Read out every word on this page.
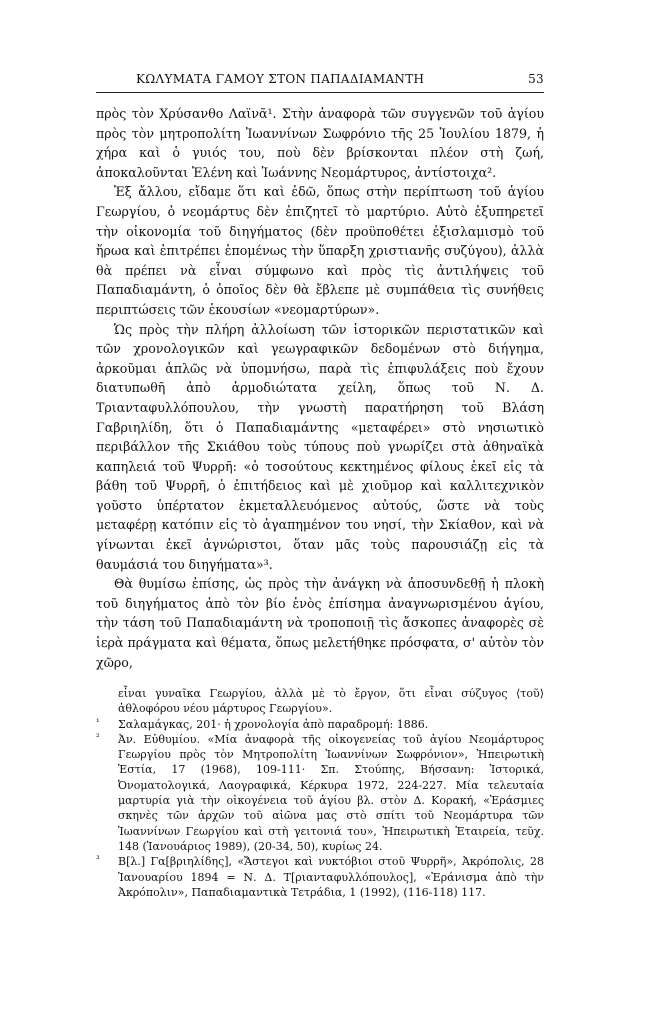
ΚΩΛΥΜΑΤΑ ΓΑΜΟΥ ΣΤΟΝ ΠΑΠΑΔΙΑΜΑΝΤΗ	53

πρὸς τὸν Χρύσανθο Λαϊνᾶ¹. Στὴν ἀναφορὰ τῶν συγγενῶν τοῦ ἁγίου πρὸς τὸν μητροπολίτη Ἰωαννίνων Σωφρόνιο τῆς 25 Ἰουλίου 1879, ἡ χήρα καὶ ὁ γυιός του, ποὺ δὲν βρίσκονται πλέον στὴ ζωή, ἀποκαλοῦνται Ἑλένη καὶ Ἰωάννης Νεομάρτυρος, ἀντίστοιχα².

Ἐξ ἄλλου, εἴδαμε ὅτι καὶ ἐδῶ, ὅπως στὴν περίπτωση τοῦ ἁγίου Γεωργίου, ὁ νεομάρτυς δὲν ἐπιζητεῖ τὸ μαρτύριο. Αὐτὸ ἐξυπηρετεῖ τὴν οἰκονομία τοῦ διηγήματος (δὲν προϋποθέτει ἐξισλαμισμὸ τοῦ ἥρωα καὶ ἐπιτρέπει ἑπομένως τὴν ὕπαρξη χριστιανῆς συζύγου), ἀλλὰ θὰ πρέπει νὰ εἶναι σύμφωνο καὶ πρὸς τὶς ἀντιλήψεις τοῦ Παπαδιαμάντη, ὁ ὁποῖος δὲν θὰ ἔβλεπε μὲ συμπάθεια τὶς συνήθεις περιπτώσεις τῶν ἑκουσίων «νεομαρτύρων».

Ὡς πρὸς τὴν πλήρη ἀλλοίωση τῶν ἱστορικῶν περιστατικῶν καὶ τῶν χρονολογικῶν καὶ γεωγραφικῶν δεδομένων στὸ διήγημα, ἀρκοῦμαι ἁπλῶς νὰ ὑπομνήσω, παρὰ τὶς ἐπιφυλάξεις ποὺ ἔχουν διατυπωθῆ ἀπὸ ἁρμοδιώτατα χείλη, ὅπως τοῦ Ν. Δ. Τριανταφυλλόπουλου, τὴν γνωστὴ παρατήρηση τοῦ Βλάση Γαβριηλίδη, ὅτι ὁ Παπαδιαμάντης «μεταφέρει» στὸ νησιωτικὸ περιβάλλον τῆς Σκιάθου τοὺς τύπους ποὺ γνωρίζει στὰ ἀθηναϊκὰ καπηλειά τοῦ Ψυρρῆ: «ὁ τοσούτους κεκτημένος φίλους ἐκεῖ εἰς τὰ βάθη τοῦ Ψυρρῆ, ὁ ἐπιτήδειος καὶ μὲ χιοῦμορ καὶ καλλιτεχνικὸν γοῦστο ὑπέρτατον ἐκμεταλλευόμενος αὐτούς, ὥστε νὰ τοὺς μεταφέρῃ κατόπιν εἰς τὸ ἀγαπημένον του νησί, τὴν Σκίαθον, καὶ νὰ γίνωνται ἐκεῖ ἀγνώριστοι, ὅταν μᾶς τοὺς παρουσιάζῃ εἰς τὰ θαυμάσιά του διηγήματα»³.

Θὰ θυμίσω ἐπίσης, ὡς πρὸς τὴν ἀνάγκη νὰ ἀποσυνδεθῇ ἡ πλοκὴ τοῦ διηγήματος ἀπὸ τὸν βίο ἑνὸς ἐπίσημα ἀναγνωρισμένου ἁγίου, τὴν τάση τοῦ Παπαδιαμάντη νὰ τροποποιῇ τὶς ἄσκοπες ἀναφορὲς σὲ ἱερὰ πράγματα καὶ θέματα, ὅπως μελετήθηκε πρόσφατα, σ' αὐτὸν τὸν χῶρο,

εἶναι γυναῖκα Γεωργίου, ἀλλὰ μὲ τὸ ἔργον, ὅτι εἶναι σύζυγος ⟨τοῦ⟩ ἀθλοφόρου νέου μάρτυρος Γεωργίου».

¹	Σαλαμάγκας, 201· ἡ χρονολογία ἀπὸ παραδρομή: 1886.
²	Ἀν. Εὐθυμίου. «Μία ἀναφορὰ τῆς οἰκογενείας τοῦ ἁγίου Νεομάρτυρος Γεωργίου πρὸς τὸν Μητροπολίτη Ἰωαννίνων Σωφρόνιον», Ἠπειρωτικὴ Ἑστία, 17 (1968), 109-111· Σπ. Στούπης, Βήσσανη: Ἱστορικά, Ὀνοματολογικά, Λαογραφικά, Κέρκυρα 1972, 224-227. Μία τελευταία μαρτυρία γιὰ τὴν οἰκογένεια τοῦ ἁγίου βλ. στὸν Δ. Κορακή, «Ἐράσμιες σκηνὲς τῶν ἀρχῶν τοῦ αἰῶνα μας στὸ σπίτι τοῦ Νεομάρτυρα τῶν Ἰωαννίνων Γεωργίου καὶ στὴ γειτονιά του», Ἠπειρωτικὴ Ἑταιρεία, τεῦχ. 148 (Ἰανουάριος 1989), (20-34, 50), κυρίως 24.
³	Β[λ.] Γα[βριηλίδης], «Ἄστεγοι καὶ νυκτόβιοι στοῦ Ψυρρῆ», Ἀκρόπολις, 28 Ἰανουαρίου 1894 = Ν. Δ. Τ[ριανταφυλλόπουλος], «Ἐράνισμα ἀπὸ τὴν Ἀκρόπολιν», Παπαδιαμαντικὰ Τετράδια, 1 (1992), (116-118) 117.
